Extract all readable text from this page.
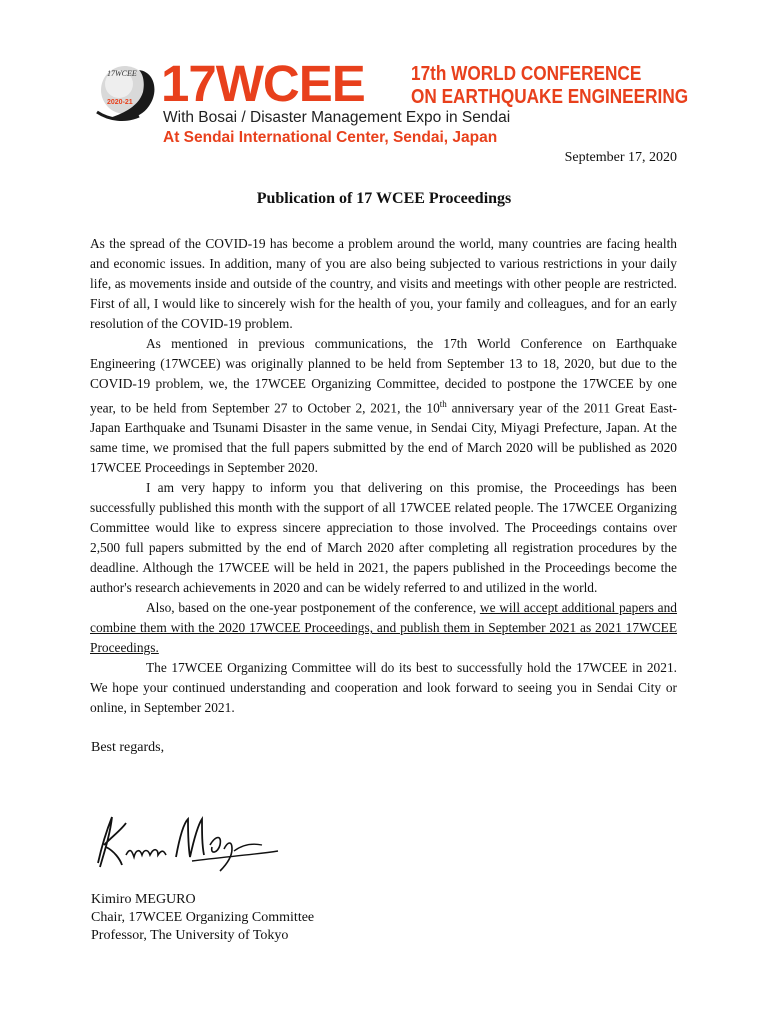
17WCEE
2020-21 17WCEE 17th WORLD CONFERENCE
ON EARTHQUAKE ENGINEERING
With Bosai / Disaster Management Expo in Sendai
At Sendai International Center, Sendai, Japan
September 17, 2020
Publication of 17 WCEE Proceedings

As the spread of the COVID-19 has become a problem around the world, many countries are facing health and economic issues. In addition, many of you are also being subjected to various restrictions in your daily life, as movements inside and outside of the country, and visits and meetings with other people are restricted. First of all, I would like to sincerely wish for the health of you, your family and colleagues, and for an early resolution of the COVID-19 problem.

As mentioned in previous communications, the 17th World Conference on Earthquake Engineering (17WCEE) was originally planned to be held from September 13 to 18, 2020, but due to the COVID-19 problem, we, the 17WCEE Organizing Committee, decided to postpone the 17WCEE by one year, to be held from September 27 to October 2, 2021, the 10th anniversary year of the 2011 Great East-Japan Earthquake and Tsunami Disaster in the same venue, in Sendai City, Miyagi Prefecture, Japan. At the same time, we promised that the full papers submitted by the end of March 2020 will be published as 2020 17WCEE Proceedings in September 2020.

I am very happy to inform you that delivering on this promise, the Proceedings has been successfully published this month with the support of all 17WCEE related people. The 17WCEE Organizing Committee would like to express sincere appreciation to those involved. The Proceedings contains over 2,500 full papers submitted by the end of March 2020 after completing all registration procedures by the deadline. Although the 17WCEE will be held in 2021, the papers published in the Proceedings become the author's research achievements in 2020 and can be widely referred to and utilized in the world.

Also, based on the one-year postponement of the conference, we will accept additional papers and combine them with the 2020 17WCEE Proceedings, and publish them in September 2021 as 2021 17WCEE Proceedings.

The 17WCEE Organizing Committee will do its best to successfully hold the 17WCEE in 2021. We hope your continued understanding and cooperation and look forward to seeing you in Sendai City or online, in September 2021.

Best regards,
Kimiro MEGURO
Chair, 17WCEE Organizing Committee
Professor, The University of Tokyo
